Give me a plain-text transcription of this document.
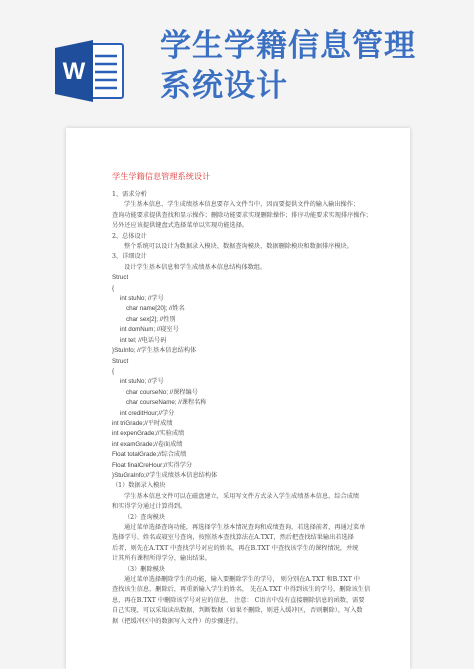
W
学生学籍信息管理
系统设计
学生学籍信息管理系统设计
1、需求分析
学生基本信息、学生成绩基本信息要存入文件当中，因而要提供文件的输入输出操作；
查询功能要求提供查找和显示操作；删除功能要求实现删除操作；排序功能要求实现排序操作；
另外还应该提供键盘式选择菜单以实现功能选择。
2、总体设计
整个系统可以设计为数据录入模块、数据查询模块、数据删除模块和数据排序模块。
3、详细设计
设计学生基本信息和学生成绩基本信息结构体数组。
Struct
{
int stuNo; //学号
char name[20]; //姓名
char sex[2]; //性别
int domNum; //寝室号
int tel; //电话号码
}StuInfo; //学生基本信息结构体
Struct
{
int stuNo; //学号
char courseNo; //课程编号
char courseName; //课程名称
int creditHour;//学分
int triGrade;//平时成绩
int expenGrade;//实验成绩
int examGrade;//卷面成绩
Float totalGrade;//综合成绩
Float finalCreHour;//实得学分
}StuGraInfo;//学生成绩基本信息结构体
（1）数据录入模块
学生基本信息文件可以在磁盘建立，采用写文件方式录入学生成绩基本信息，综合成绩
和实得学分通过计算得到。
（2）查询模块
通过菜单选择查询功能，再选择学生基本情况查询和成绩查询，若选择前者，再通过菜单
选择学号、姓名或寝室号查询，按照基本查找算法在A.TXT，然后把查找结果输出若选择
后者，则先在A.TXT 中查找学号对应的姓名，再在B.TXT 中查找该学生的课程情况，并统
计其所有课程所得学分，输出结果。
（3）删除模块
通过菜单选择删除学生的功能，输入要删除学生的学号， 则分别在A.TXT 和B.TXT 中
查找该生信息，删除后，再重新输入学生的姓名， 先在A.TXT 中得到该生的学号，删除该生信
息，再在B.TXT 中删除该学号对应的信息， 注意： C语言中没有直接删除信息的函数，需要
自己实现，可以采取读出数据，判断数据（如果不删除，则进入缓冲区，否则删除），写入数
据（把缓冲区中的数据写入文件）的步骤进行。
